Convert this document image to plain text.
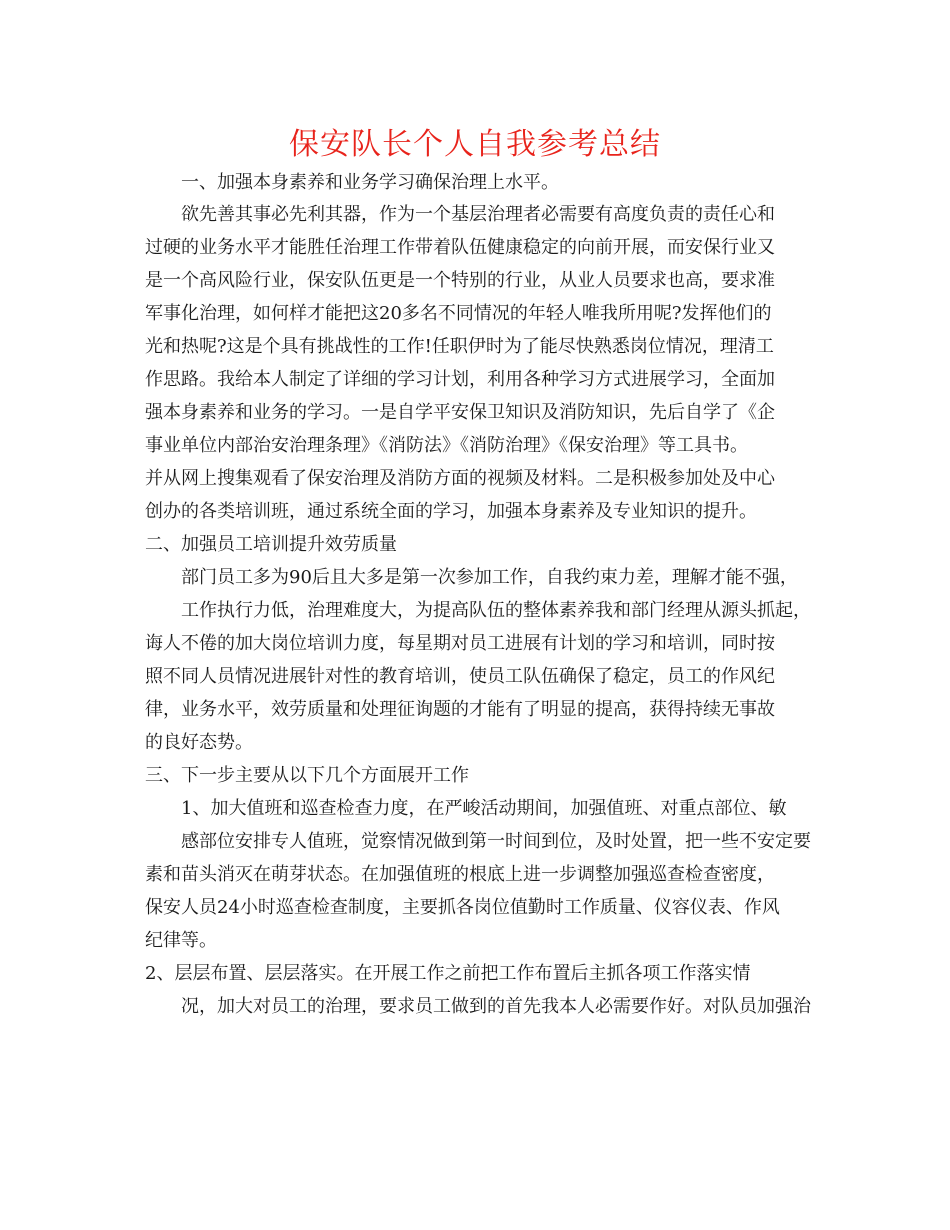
保安队长个人自我参考总结

一、加强本身素养和业务学习确保治理上水平。

欲先善其事必先利其器，作为一个基层治理者必需要有高度负责的责任心和

过硬的业务水平才能胜任治理工作带着队伍健康稳定的向前开展，而安保行业又

是一个高风险行业，保安队伍更是一个特别的行业，从业人员要求也高，要求准

军事化治理，如何样才能把这20多名不同情况的年轻人唯我所用呢?发挥他们的

光和热呢?这是个具有挑战性的工作!任职伊时为了能尽快熟悉岗位情况，理清工

作思路。我给本人制定了详细的学习计划，利用各种学习方式进展学习，全面加

强本身素养和业务的学习。一是自学平安保卫知识及消防知识，先后自学了《企

事业单位内部治安治理条理》《消防法》《消防治理》《保安治理》等工具书。

并从网上搜集观看了保安治理及消防方面的视频及材料。二是积极参加处及中心

创办的各类培训班，通过系统全面的学习，加强本身素养及专业知识的提升。

二、加强员工培训提升效劳质量

部门员工多为90后且大多是第一次参加工作，自我约束力差，理解才能不强，

工作执行力低，治理难度大，为提高队伍的整体素养我和部门经理从源头抓起，

诲人不倦的加大岗位培训力度，每星期对员工进展有计划的学习和培训，同时按

照不同人员情况进展针对性的教育培训，使员工队伍确保了稳定，员工的作风纪

律，业务水平，效劳质量和处理征询题的才能有了明显的提高，获得持续无事故

的良好态势。

三、下一步主要从以下几个方面展开工作

1、加大值班和巡查检查力度，在严峻活动期间，加强值班、对重点部位、敏

感部位安排专人值班，觉察情况做到第一时间到位，及时处置，把一些不安定要

素和苗头消灭在萌芽状态。在加强值班的根底上进一步调整加强巡查检查密度，

保安人员24小时巡查检查制度，主要抓各岗位值勤时工作质量、仪容仪表、作风

纪律等。

2、层层布置、层层落实。在开展工作之前把工作布置后主抓各项工作落实情

况，加大对员工的治理，要求员工做到的首先我本人必需要作好。对队员加强治
